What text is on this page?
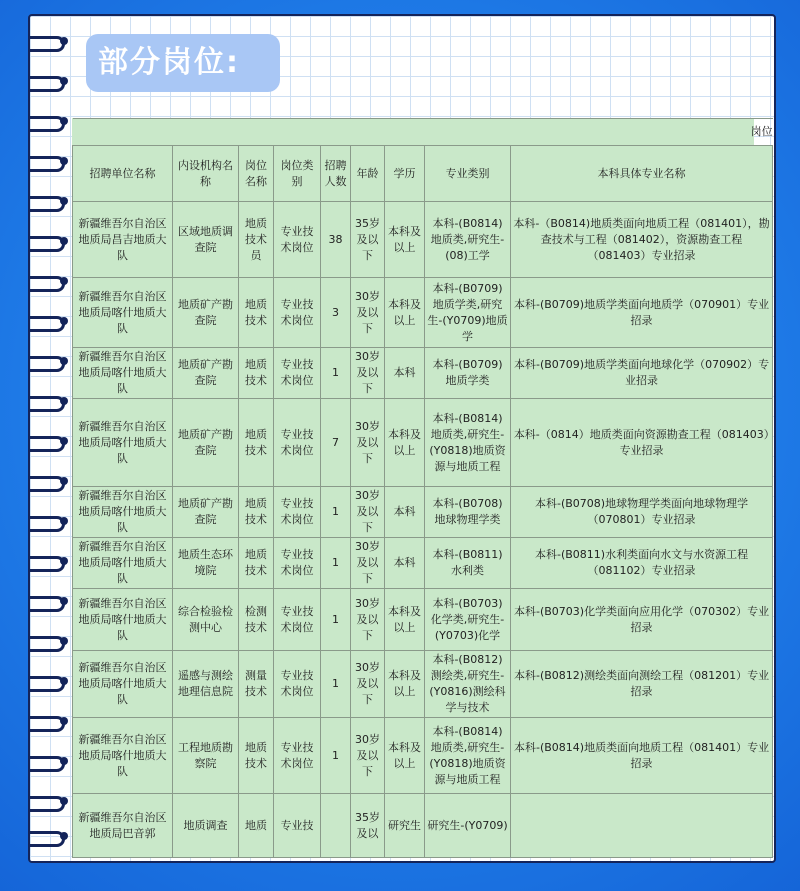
部分岗位:
岗位								
招聘单位名称	内设机构名称	岗位名称	岗位类别	招聘人数	年龄	学历	专业类别	本科具体专业名称
新疆维吾尔自治区地质局昌吉地质大队	区域地质调查院	地质技术员	专业技术岗位	38	35岁及以下	本科及以上	本科-(B0814)地质类,研究生-(08)工学	本科-（B0814)地质类面向地质工程（081401），勘查技术与工程（081402），资源勘查工程（081403）专业招录
新疆维吾尔自治区地质局喀什地质大队	地质矿产勘查院	地质技术	专业技术岗位	3	30岁及以下	本科及以上	本科-(B0709)地质学类,研究生-(Y0709)地质学	本科-(B0709)地质学类面向地质学（070901）专业招录
新疆维吾尔自治区地质局喀什地质大队	地质矿产勘查院	地质技术	专业技术岗位	1	30岁及以下	本科	本科-(B0709)地质学类	本科-(B0709)地质学类面向地球化学（070902）专业招录
新疆维吾尔自治区地质局喀什地质大队	地质矿产勘查院	地质技术	专业技术岗位	7	30岁及以下	本科及以上	本科-(B0814)地质类,研究生-(Y0818)地质资源与地质工程	本科-（0814）地质类面向资源勘查工程（081403）专业招录
新疆维吾尔自治区地质局喀什地质大队	地质矿产勘查院	地质技术	专业技术岗位	1	30岁及以下	本科	本科-(B0708)地球物理学类	本科-(B0708)地球物理学类面向地球物理学（070801）专业招录
新疆维吾尔自治区地质局喀什地质大队	地质生态环境院	地质技术	专业技术岗位	1	30岁及以下	本科	本科-(B0811)水利类	本科-(B0811)水利类面向水文与水资源工程（081102）专业招录
新疆维吾尔自治区地质局喀什地质大队	综合检验检测中心	检测技术	专业技术岗位	1	30岁及以下	本科及以上	本科-(B0703)化学类,研究生-(Y0703)化学	本科-(B0703)化学类面向应用化学（070302）专业招录
新疆维吾尔自治区地质局喀什地质大队	遥感与测绘地理信息院	测量技术	专业技术岗位	1	30岁及以下	本科及以上	本科-(B0812)测绘类,研究生-(Y0816)测绘科学与技术	本科-(B0812)测绘类面向测绘工程（081201）专业招录
新疆维吾尔自治区地质局喀什地质大队	工程地质勘察院	地质技术	专业技术岗位	1	30岁及以下	本科及以上	本科-(B0814)地质类,研究生-(Y0818)地质资源与地质工程	本科-(B0814)地质类面向地质工程（081401）专业招录
新疆维吾尔自治区地质局巴音郭	地质调查	地质	专业技		35岁及以	研究生	研究生-(Y0709)	
